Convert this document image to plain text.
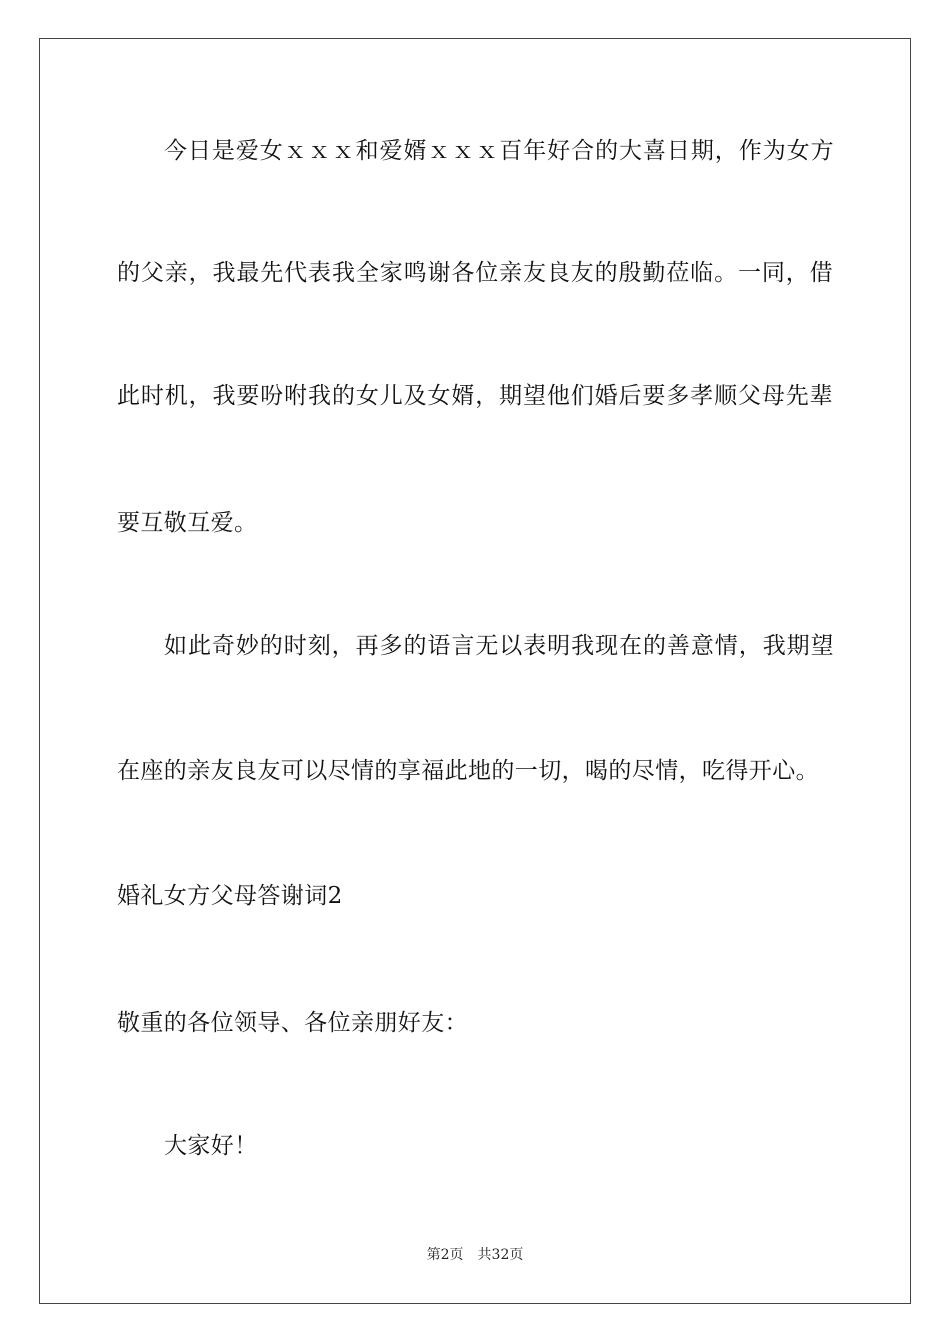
今日是爱女ｘｘｘ和爱婿ｘｘｘ百年好合的大喜日期，作为女方
的父亲，我最先代表我全家鸣谢各位亲友良友的殷勤莅临。一同，借
此时机，我要吩咐我的女儿及女婿，期望他们婚后要多孝顺父母先辈
要互敬互爱。
如此奇妙的时刻，再多的语言无以表明我现在的善意情，我期望
在座的亲友良友可以尽情的享福此地的一切，喝的尽情，吃得开心。
婚礼女方父母答谢词2
敬重的各位领导、各位亲朋好友：
大家好！
第2页 共32页
